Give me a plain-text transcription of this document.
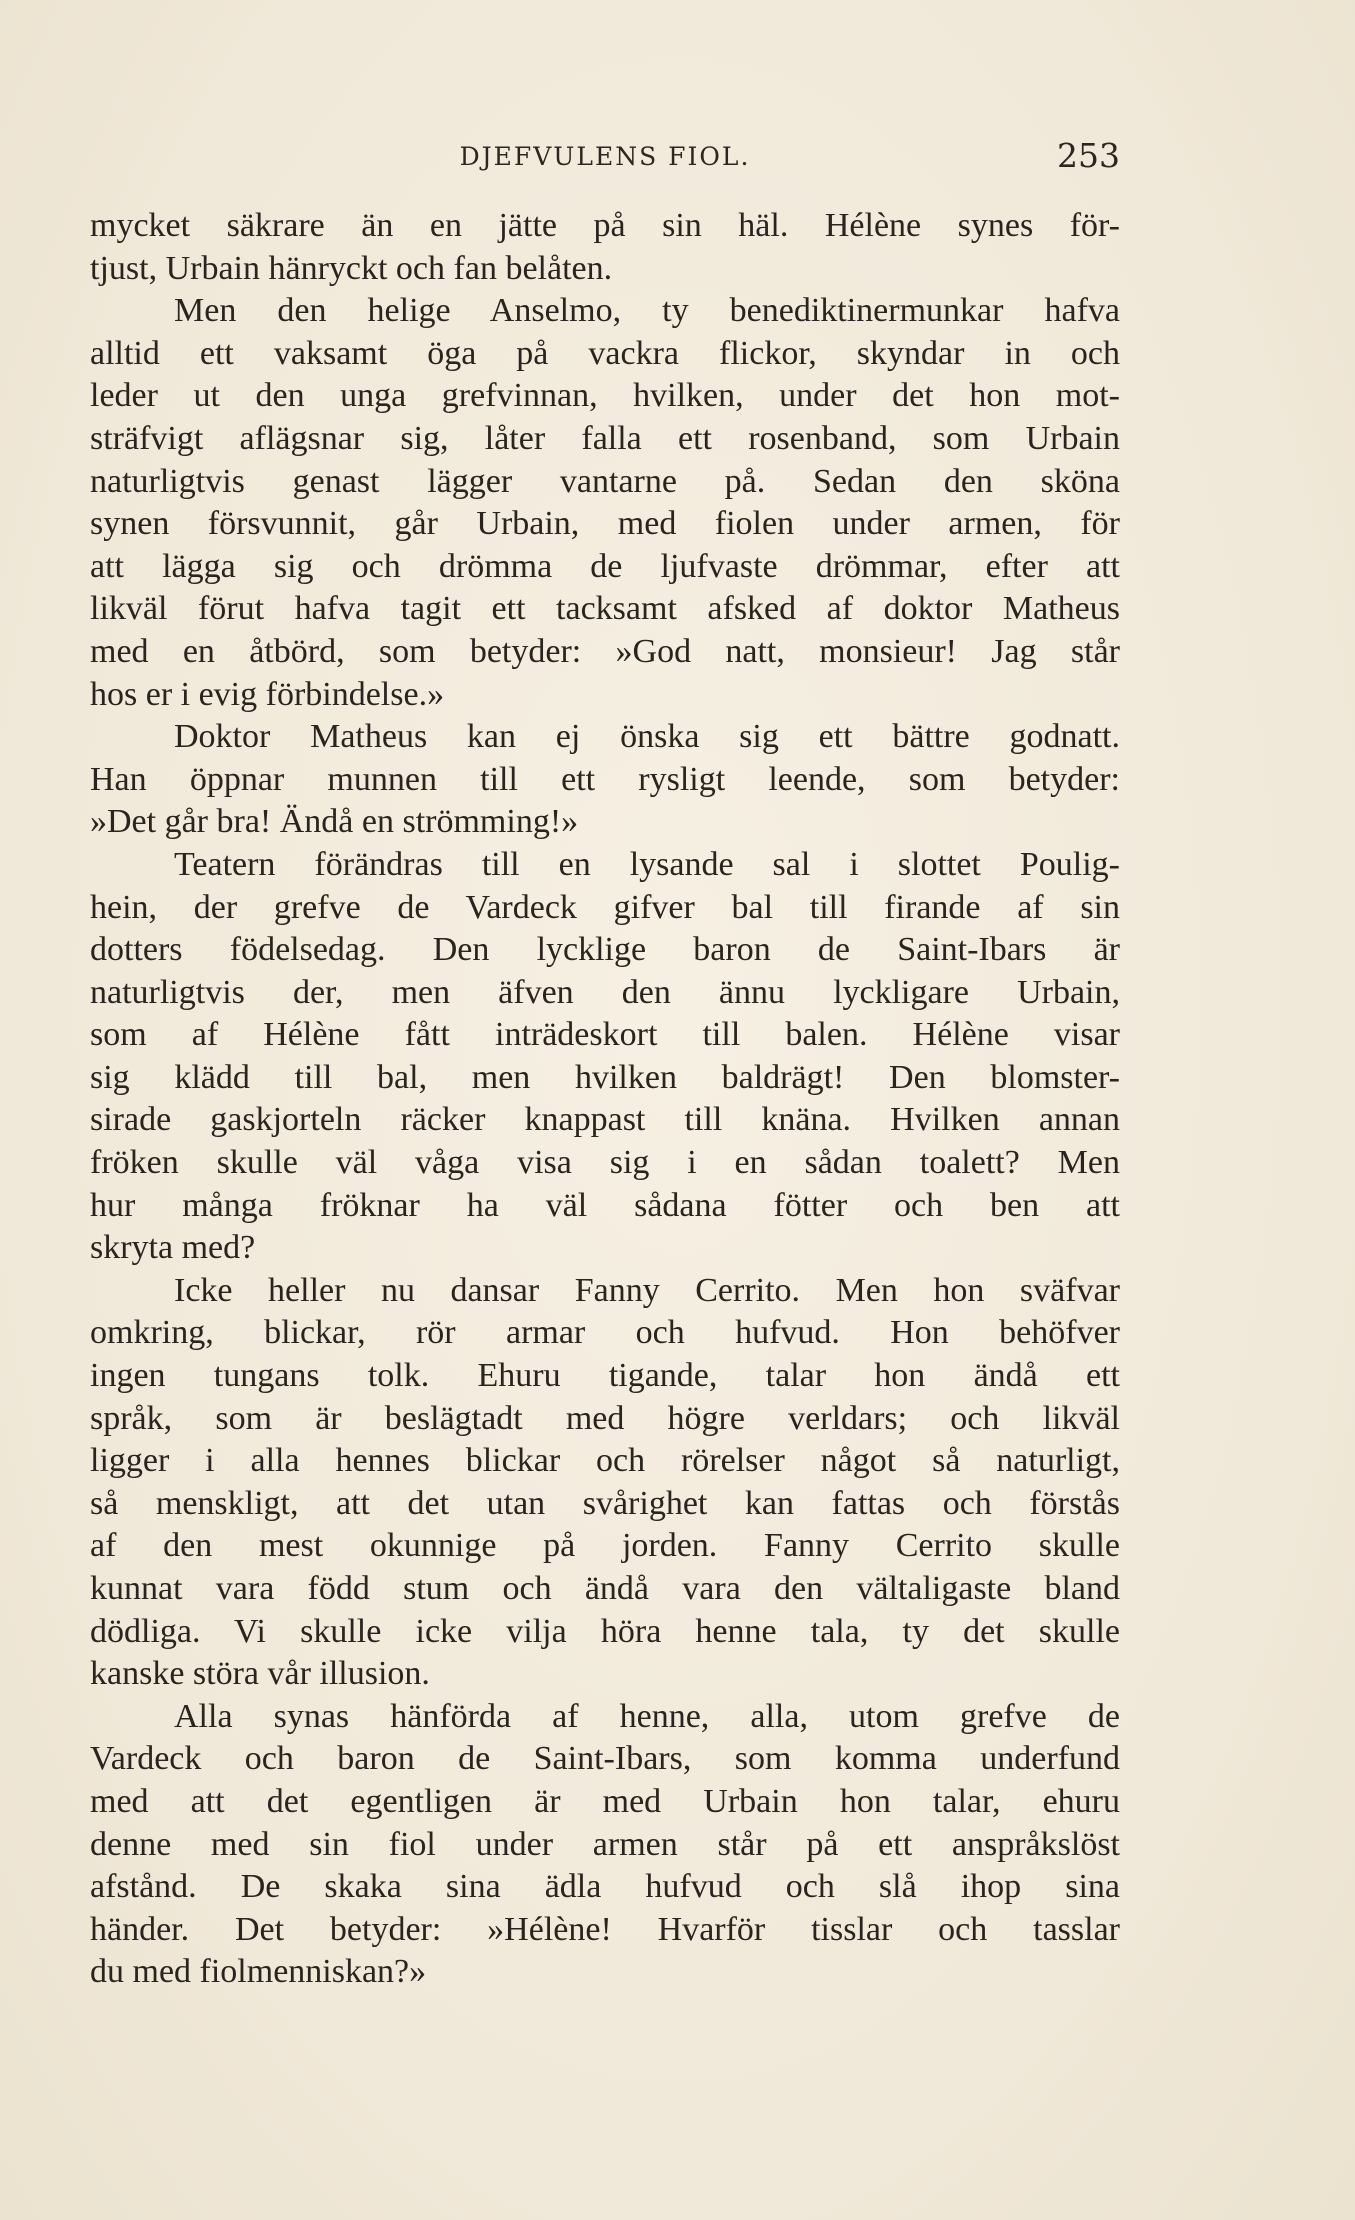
DJEFVULENS FIOL.	253
mycket säkrare än en jätte på sin häl. Hélène synes för-
tjust, Urbain hänryckt och fan belåten.
Men den helige Anselmo, ty benediktinermunkar hafva
alltid ett vaksamt öga på vackra flickor, skyndar in och
leder ut den unga grefvinnan, hvilken, under det hon mot-
sträfvigt aflägsnar sig, låter falla ett rosenband, som Urbain
naturligtvis genast lägger vantarne på. Sedan den sköna
synen försvunnit, går Urbain, med fiolen under armen, för
att lägga sig och drömma de ljufvaste drömmar, efter att
likväl förut hafva tagit ett tacksamt afsked af doktor Matheus
med en åtbörd, som betyder: »God natt, monsieur! Jag står
hos er i evig förbindelse.»
Doktor Matheus kan ej önska sig ett bättre godnatt.
Han öppnar munnen till ett rysligt leende, som betyder:
»Det går bra! Ändå en strömming!»
Teatern förändras till en lysande sal i slottet Poulig-
hein, der grefve de Vardeck gifver bal till firande af sin
dotters födelsedag. Den lycklige baron de Saint-Ibars är
naturligtvis der, men äfven den ännu lyckligare Urbain,
som af Hélène fått inträdeskort till balen. Hélène visar
sig klädd till bal, men hvilken baldrägt! Den blomster-
sirade gaskjorteln räcker knappast till knäna. Hvilken annan
fröken skulle väl våga visa sig i en sådan toalett? Men
hur många fröknar ha väl sådana fötter och ben att
skryta med?
Icke heller nu dansar Fanny Cerrito. Men hon sväfvar
omkring, blickar, rör armar och hufvud. Hon behöfver
ingen tungans tolk. Ehuru tigande, talar hon ändå ett
språk, som är beslägtadt med högre verldars; och likväl
ligger i alla hennes blickar och rörelser något så naturligt,
så menskligt, att det utan svårighet kan fattas och förstås
af den mest okunnige på jorden. Fanny Cerrito skulle
kunnat vara född stum och ändå vara den vältaligaste bland
dödliga. Vi skulle icke vilja höra henne tala, ty det skulle
kanske störa vår illusion.
Alla synas hänförda af henne, alla, utom grefve de
Vardeck och baron de Saint-Ibars, som komma underfund
med att det egentligen är med Urbain hon talar, ehuru
denne med sin fiol under armen står på ett anspråkslöst
afstånd. De skaka sina ädla hufvud och slå ihop sina
händer. Det betyder: »Hélène! Hvarför tisslar och tasslar
du med fiolmenniskan?»
